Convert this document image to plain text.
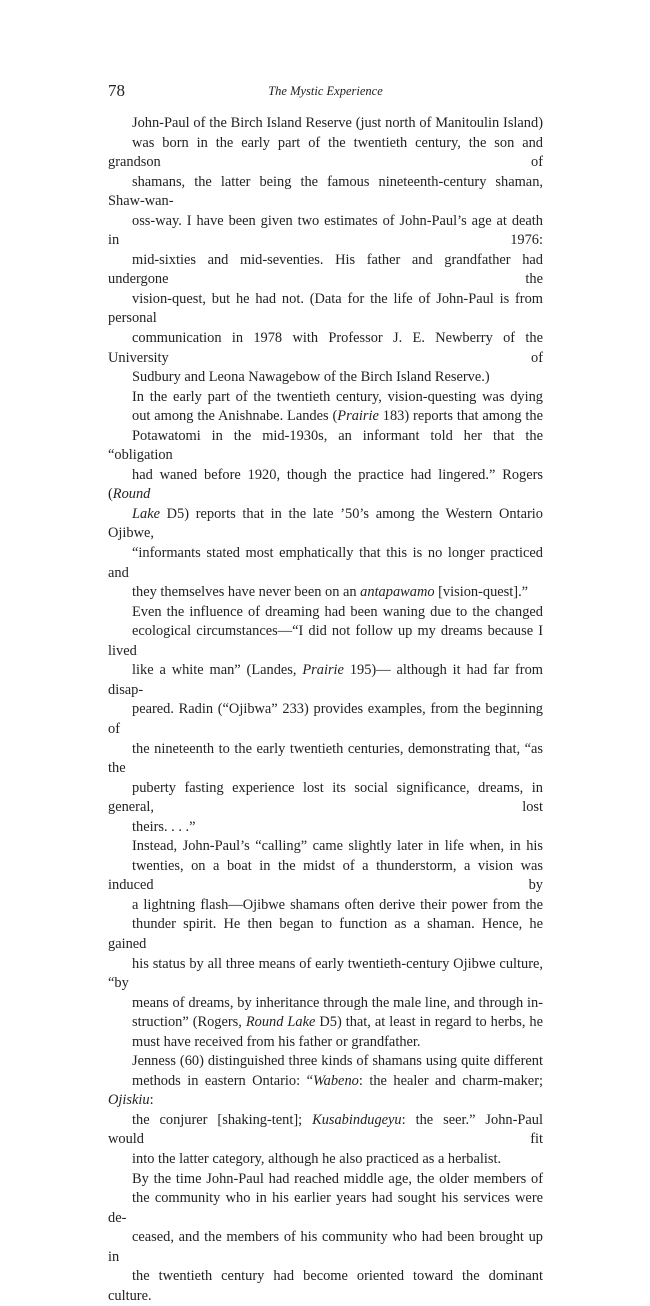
78	The Mystic Experience

John-Paul of the Birch Island Reserve (just north of Manitoulin Island)
was born in the early part of the twentieth century, the son and grandson of
shamans, the latter being the famous nineteenth-century shaman, Shaw-wan-
oss-way. I have been given two estimates of John-Paul’s age at death in 1976:
mid-sixties and mid-seventies. His father and grandfather had undergone the
vision-quest, but he had not. (Data for the life of John-Paul is from personal
communication in 1978 with Professor J. E. Newberry of the University of
Sudbury and Leona Nawagebow of the Birch Island Reserve.)

In the early part of the twentieth century, vision-questing was dying
out among the Anishnabe. Landes (Prairie 183) reports that among the
Potawatomi in the mid-1930s, an informant told her that the “obligation
had waned before 1920, though the practice had lingered.” Rogers (Round
Lake D5) reports that in the late ’50’s among the Western Ontario Ojibwe,
“informants stated most emphatically that this is no longer practiced and
they themselves have never been on an antapawamo [vision-quest].”

Even the influence of dreaming had been waning due to the changed
ecological circumstances—“I did not follow up my dreams because I lived
like a white man” (Landes, Prairie 195)— although it had far from disap-
peared. Radin (“Ojibwa” 233) provides examples, from the beginning of
the nineteenth to the early twentieth centuries, demonstrating that, “as the
puberty fasting experience lost its social significance, dreams, in general, lost
theirs. . . .”

Instead, John-Paul’s “calling” came slightly later in life when, in his
twenties, on a boat in the midst of a thunderstorm, a vision was induced by
a lightning flash—Ojibwe shamans often derive their power from the
thunder spirit. He then began to function as a shaman. Hence, he gained
his status by all three means of early twentieth-century Ojibwe culture, “by
means of dreams, by inheritance through the male line, and through in-
struction” (Rogers, Round Lake D5) that, at least in regard to herbs, he
must have received from his father or grandfather.

Jenness (60) distinguished three kinds of shamans using quite different
methods in eastern Ontario: “Wabeno: the healer and charm-maker; Ojiskiu:
the conjurer [shaking-tent]; Kusabindugeyu: the seer.” John-Paul would fit
into the latter category, although he also practiced as a herbalist.

By the time John-Paul had reached middle age, the older members of
the community who in his earlier years had sought his services were de-
ceased, and the members of his community who had been brought up in
the twentieth century had become oriented toward the dominant culture.
